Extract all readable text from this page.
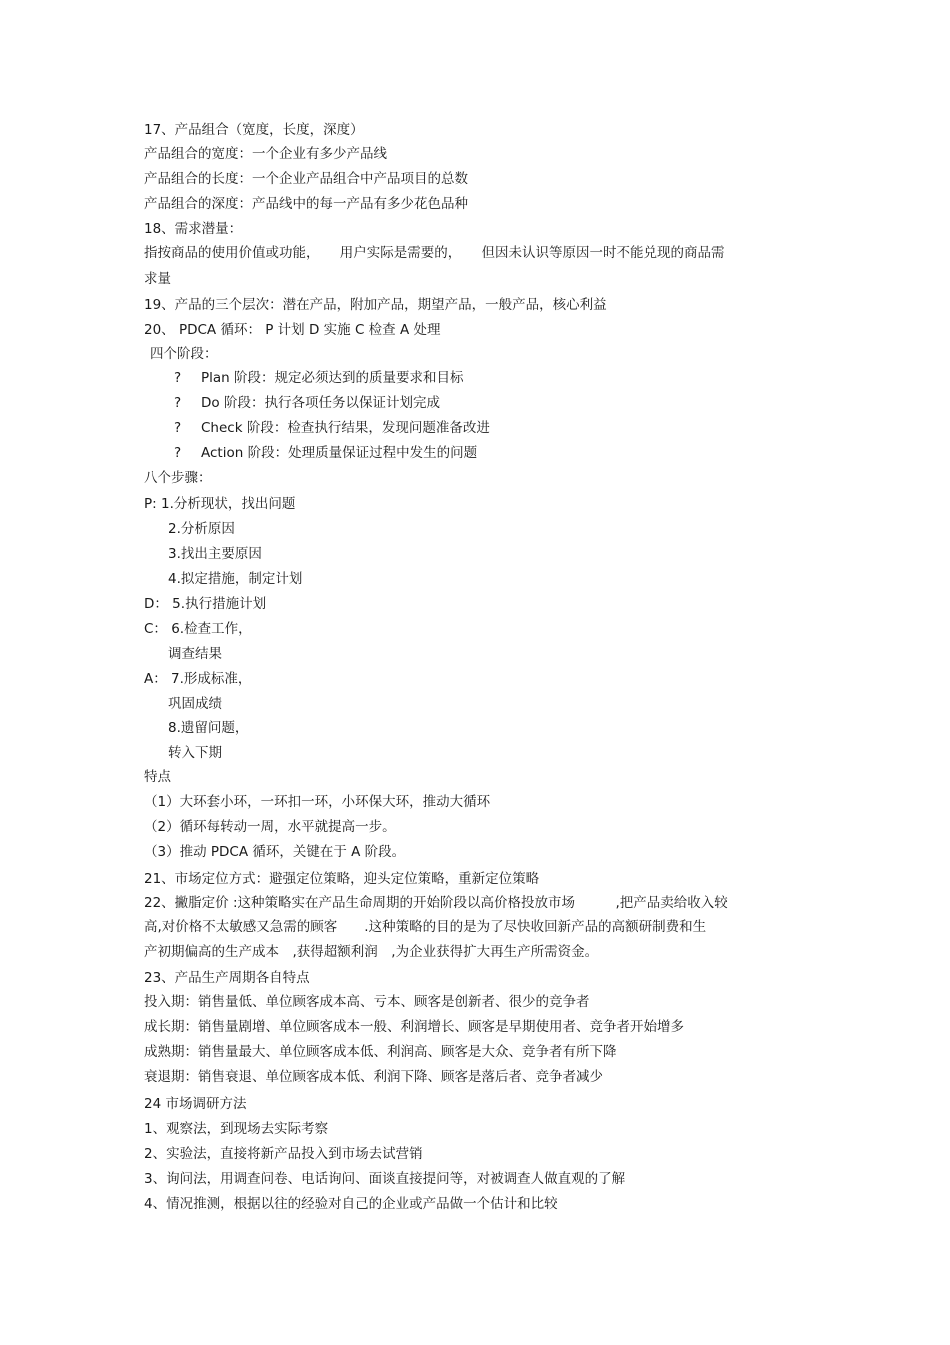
17、产品组合（宽度，长度，深度）
产品组合的宽度：一个企业有多少产品线
产品组合的长度：一个企业产品组合中产品项目的总数
产品组合的深度：产品线中的每一产品有多少花色品种
18、需求潜量：
指按商品的使用价值或功能，　　用户实际是需要的，　　但因未认识等原因一时不能兑现的商品需
求量
19、产品的三个层次：潜在产品，附加产品，期望产品，一般产品，核心利益
20、 PDCA 循环： P 计划 D 实施 C 检查 A 处理
四个阶段：
? Plan 阶段：规定必须达到的质量要求和目标
? Do 阶段：执行各项任务以保证计划完成
? Check 阶段：检查执行结果，发现问题准备改进
? Action 阶段：处理质量保证过程中发生的问题
八个步骤：
P: 1.分析现状，找出问题
2.分析原因
3.找出主要原因
4.拟定措施，制定计划
D： 5.执行措施计划
C： 6.检查工作，
调查结果
A： 7.形成标准，
巩固成绩
8.遗留问题，
转入下期
特点
（1）大环套小环，一环扣一环，小环保大环，推动大循环
（2）循环每转动一周，水平就提高一步。
（3）推动 PDCA 循环，关键在于 A 阶段。
21、市场定位方式：避强定位策略，迎头定位策略，重新定位策略
22、撇脂定价 :这种策略实在产品生命周期的开始阶段以高价格投放市场　　　,把产品卖给收入较
高,对价格不太敏感又急需的顾客　　.这种策略的目的是为了尽快收回新产品的高额研制费和生
产初期偏高的生产成本　,获得超额利润　,为企业获得扩大再生产所需资金。
23、产品生产周期各自特点
投入期：销售量低、单位顾客成本高、亏本、顾客是创新者、很少的竞争者
成长期：销售量剧增、单位顾客成本一般、利润增长、顾客是早期使用者、竞争者开始增多
成熟期：销售量最大、单位顾客成本低、利润高、顾客是大众、竞争者有所下降
衰退期：销售衰退、单位顾客成本低、利润下降、顾客是落后者、竞争者减少
24 市场调研方法
1、观察法，到现场去实际考察
2、实验法，直接将新产品投入到市场去试营销
3、询问法，用调查问卷、电话询问、面谈直接提问等，对被调查人做直观的了解
4、情况推测，根据以往的经验对自己的企业或产品做一个估计和比较
